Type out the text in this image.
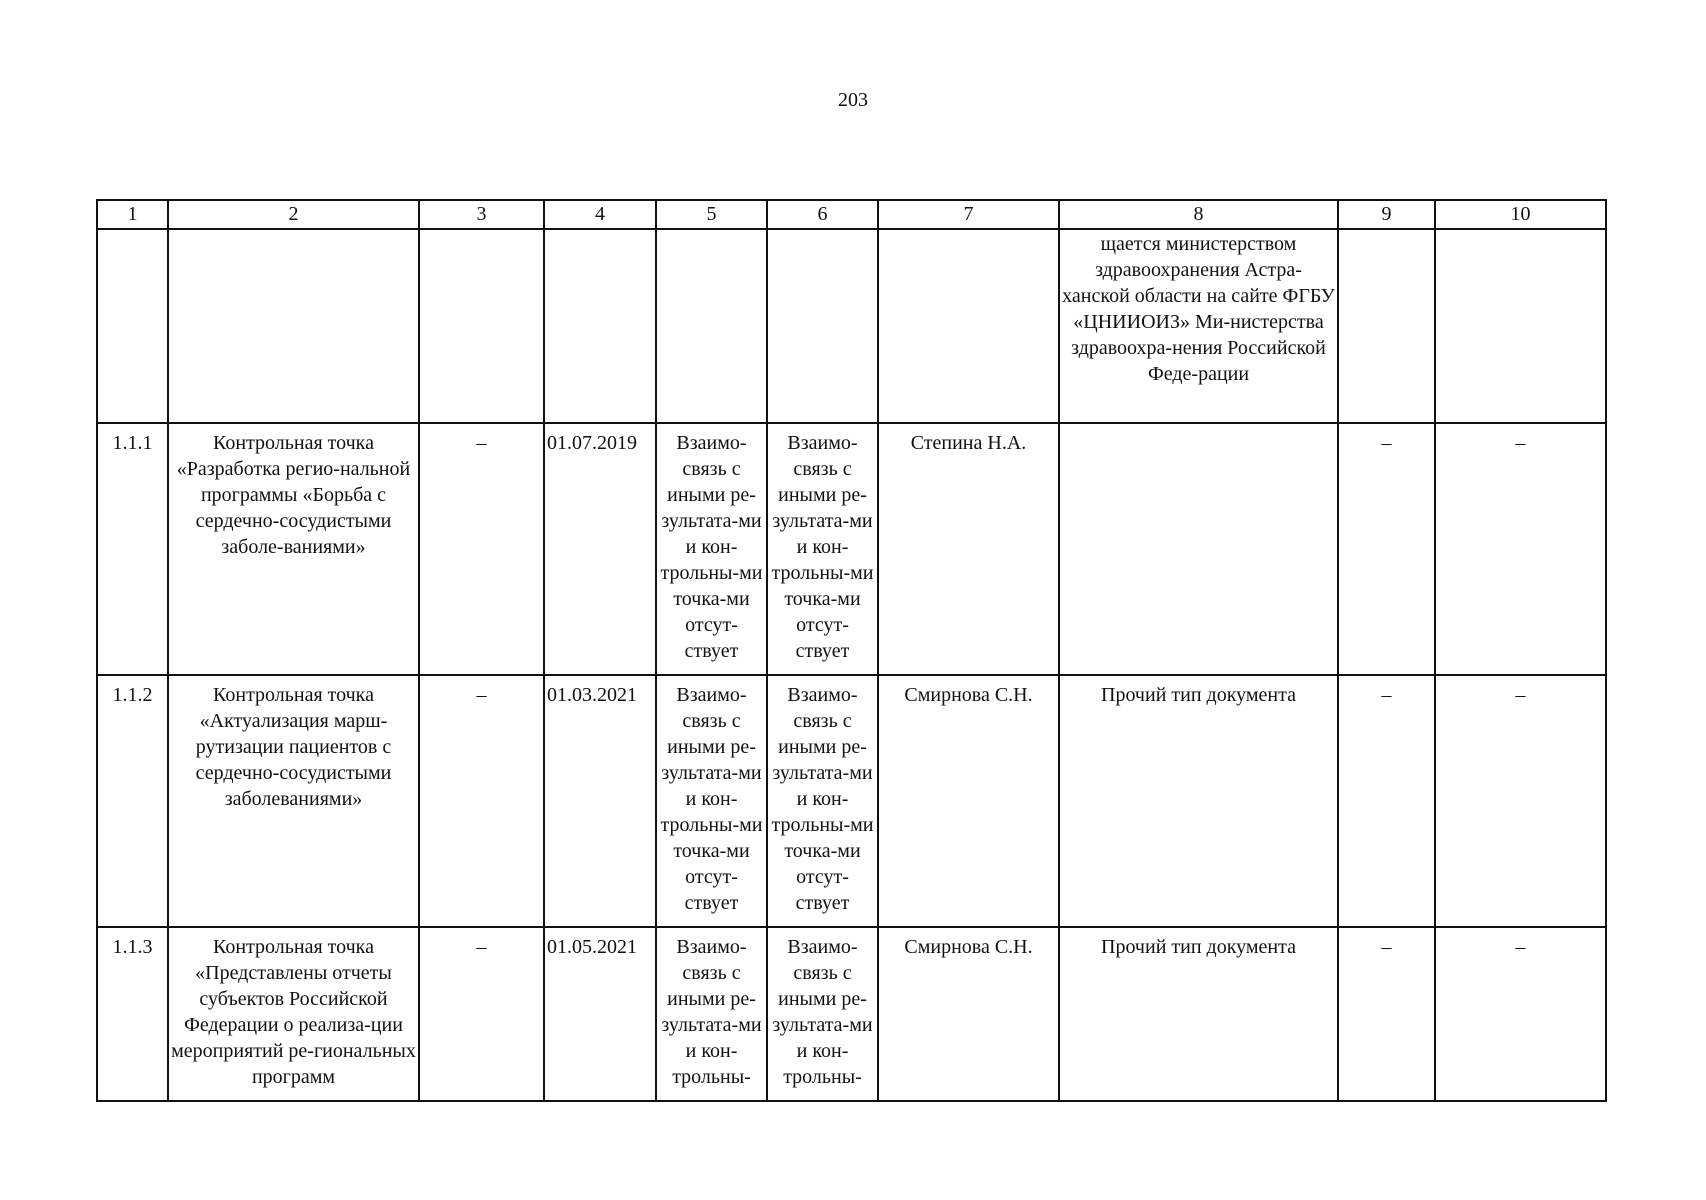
203
1	2	3	4	5	6	7	8	9	10
							щается министерством здравоохранения Астра-ханской области на сайте ФГБУ «ЦНИИОИЗ» Ми-нистерства здравоохра-нения Российской Феде-рации		
1.1.1	Контрольная точка «Разработка регио-нальной программы «Борьба с сердечно-сосудистыми заболе-ваниями»	–	01.07.2019	Взаимо-связь с иными ре-зультата-ми и кон-трольны-ми точка-ми отсут-ствует	Взаимо-связь с иными ре-зультата-ми и кон-трольны-ми точка-ми отсут-ствует	Степина Н.А.		–	–
1.1.2	Контрольная точка «Актуализация марш-рутизации пациентов с сердечно-сосудистыми заболеваниями»	–	01.03.2021	Взаимо-связь с иными ре-зультата-ми и кон-трольны-ми точка-ми отсут-ствует	Взаимо-связь с иными ре-зультата-ми и кон-трольны-ми точка-ми отсут-ствует	Смирнова С.Н.	Прочий тип документа	–	–
1.1.3	Контрольная точка «Представлены отчеты субъектов Российской Федерации о реализа-ции мероприятий ре-гиональных программ	–	01.05.2021	Взаимо-связь с иными ре-зультата-ми и кон-трольны-	Взаимо-связь с иными ре-зультата-ми и кон-трольны-	Смирнова С.Н.	Прочий тип документа	–	–
